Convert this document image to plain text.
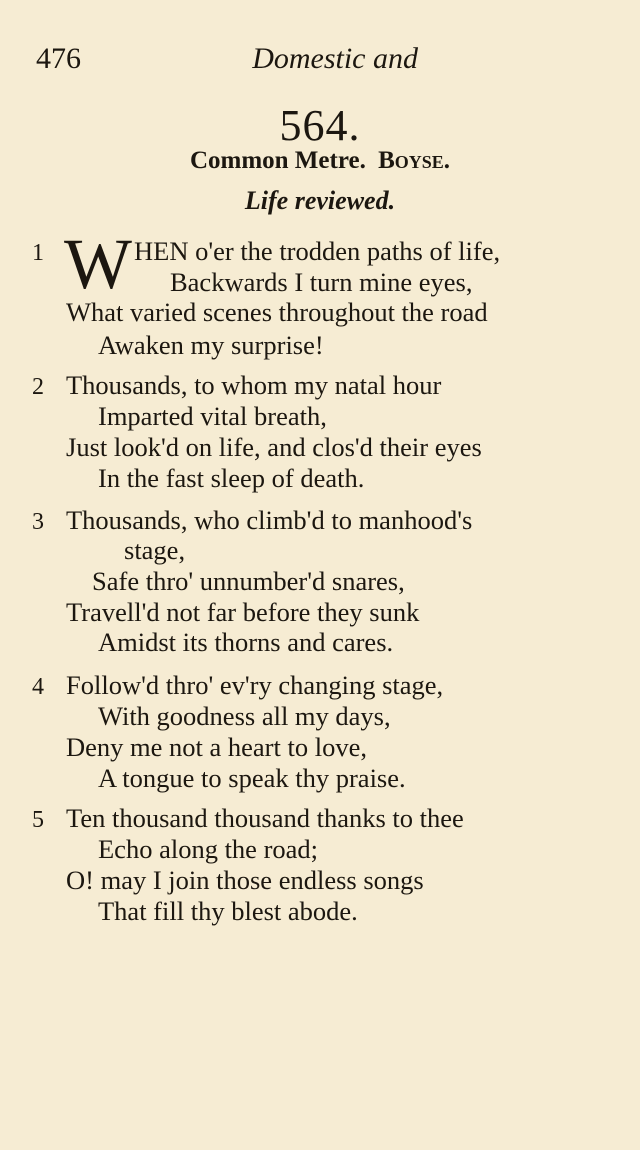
476	Domestic and
564.
Common Metre. Boyse.
Life reviewed.
1 W HEN o'er the trodden paths of life,
Backwards I turn mine eyes,
What varied scenes throughout the road
Awaken my surprise!
2 Thousands, to whom my natal hour
Imparted vital breath,
Just look'd on life, and clos'd their eyes
In the fast sleep of death.
3 Thousands, who climb'd to manhood's
stage,
Safe thro' unnumber'd snares,
Travell'd not far before they sunk
Amidst its thorns and cares.
4 Follow'd thro' ev'ry changing stage,
With goodness all my days,
Deny me not a heart to love,
A tongue to speak thy praise.
5 Ten thousand thousand thanks to thee
Echo along the road;
O! may I join those endless songs
That fill thy blest abode.
